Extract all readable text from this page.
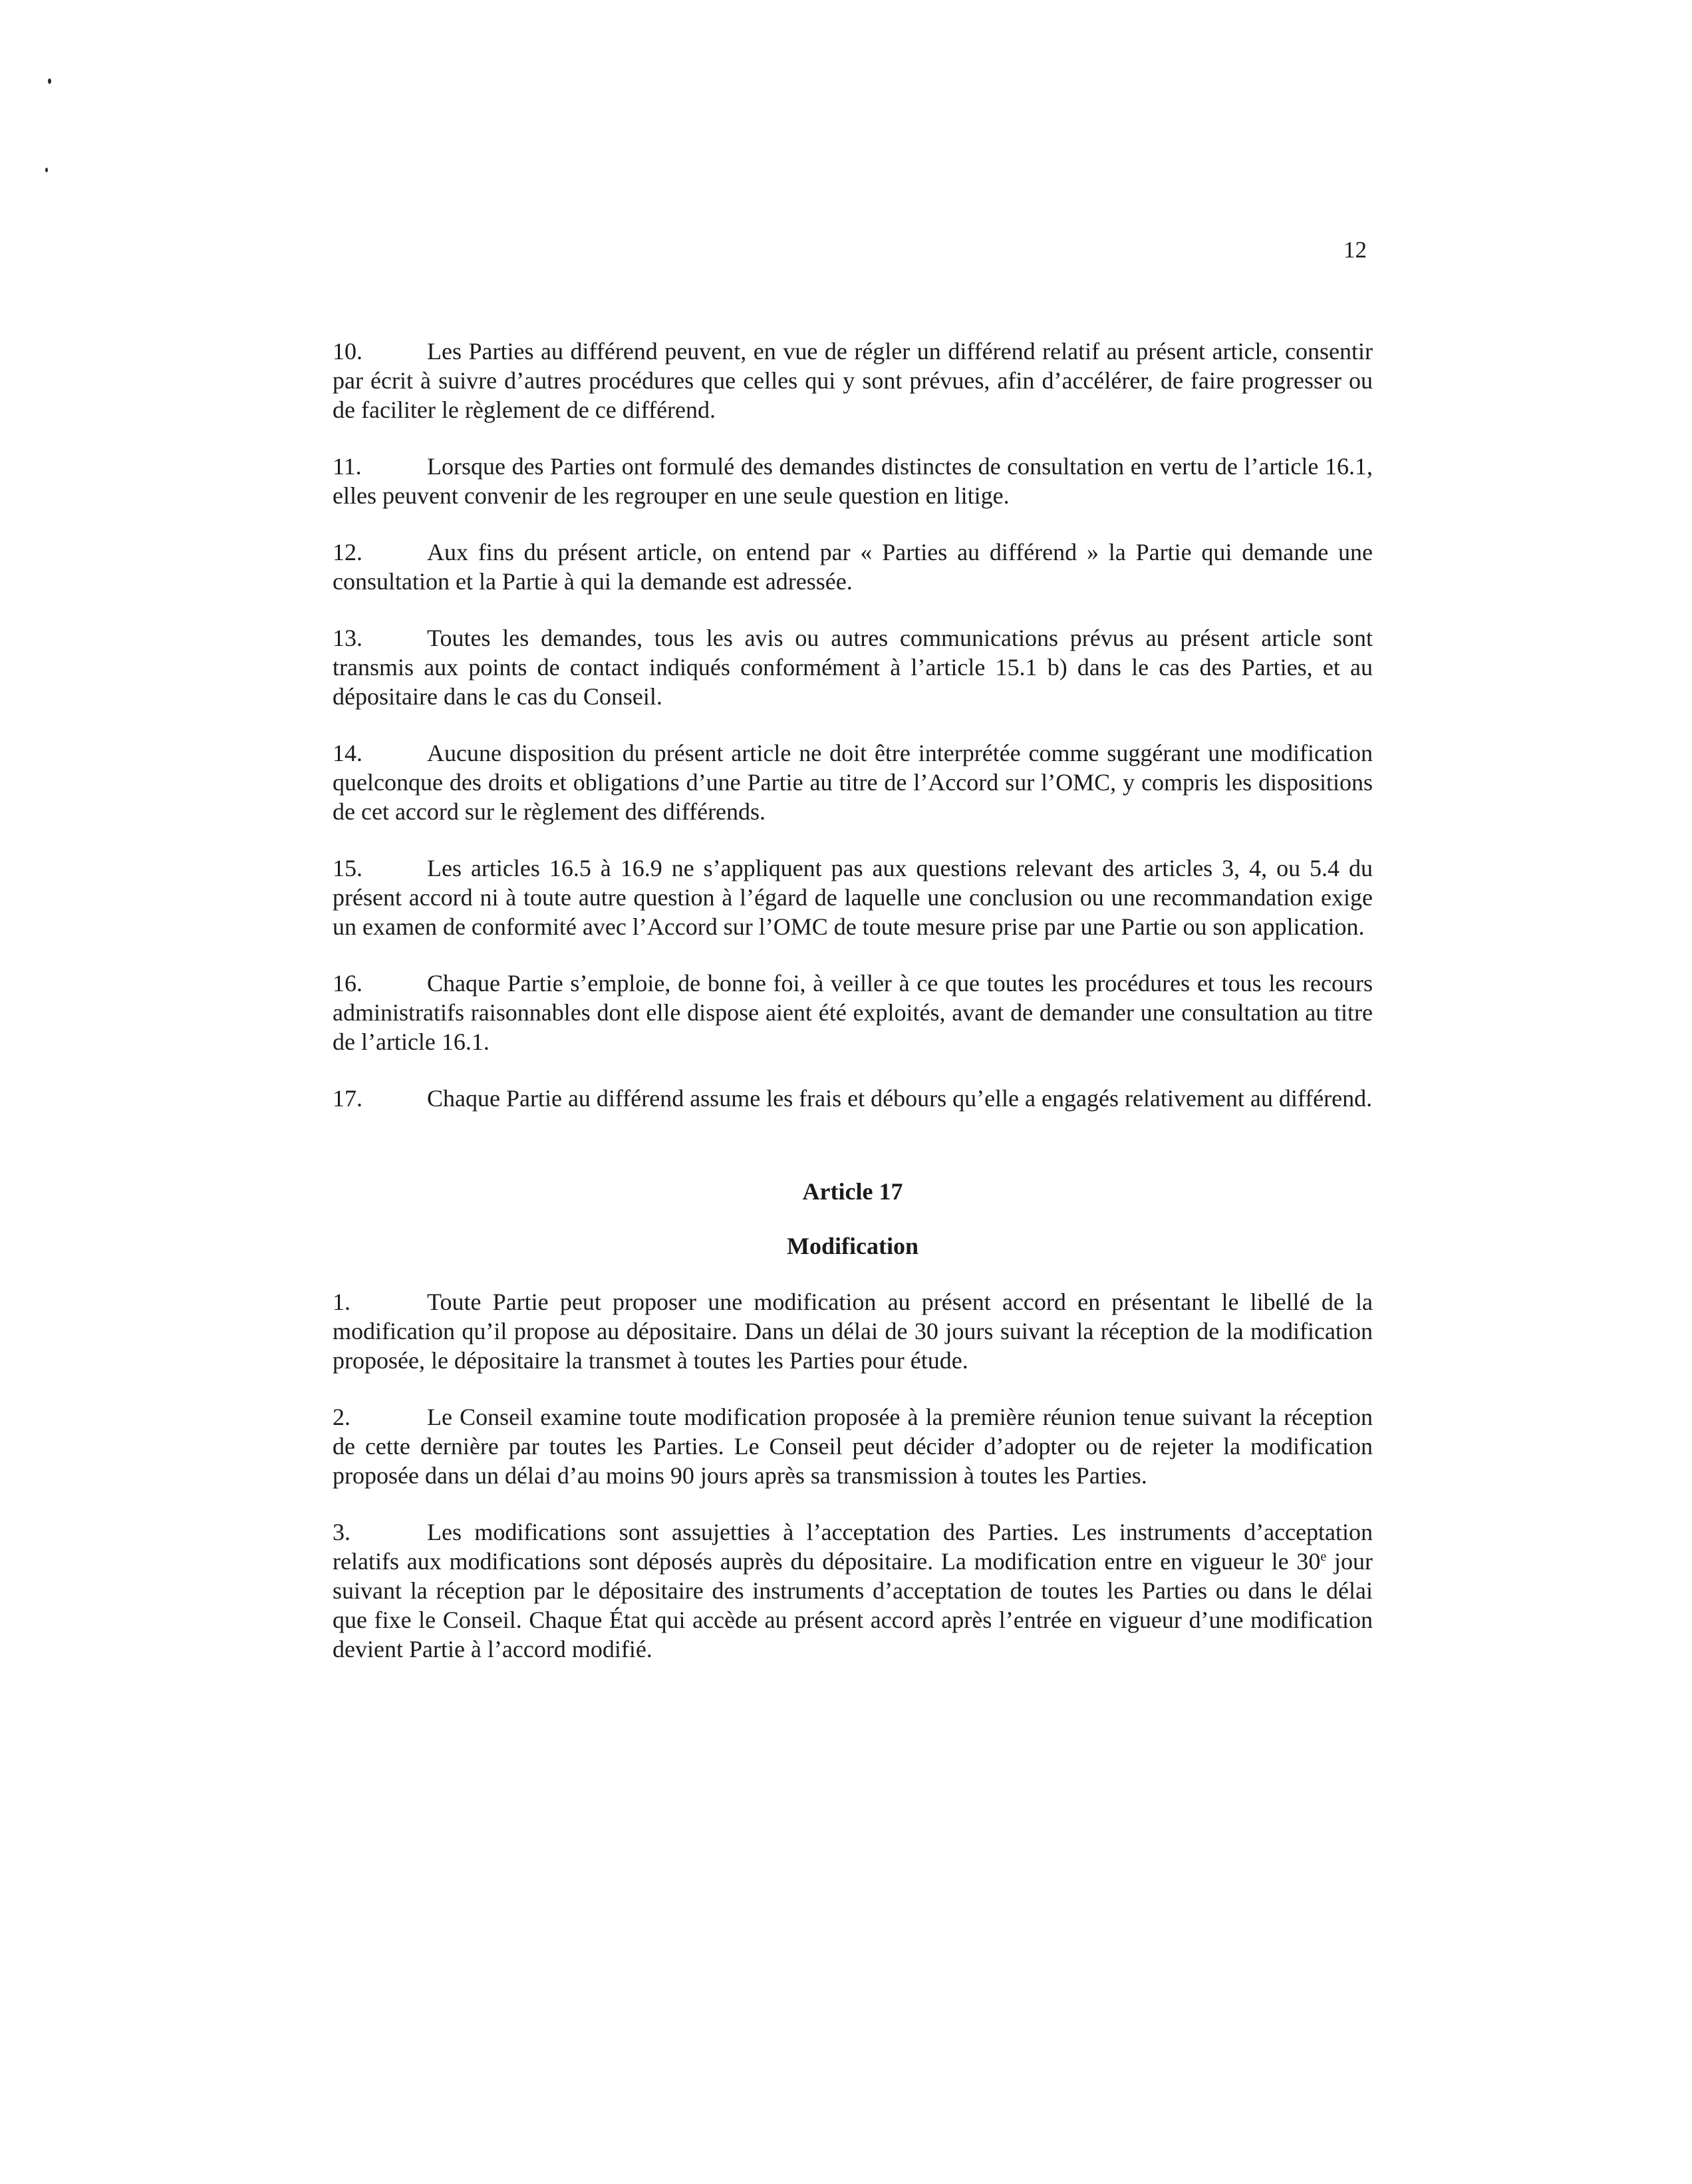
12

10.	Les Parties au différend peuvent, en vue de régler un différend relatif au présent article, consentir par écrit à suivre d’autres procédures que celles qui y sont prévues, afin d’accélérer, de faire progresser ou de faciliter le règlement de ce différend.

11.	Lorsque des Parties ont formulé des demandes distinctes de consultation en vertu de l’article 16.1, elles peuvent convenir de les regrouper en une seule question en litige.

12.	Aux fins du présent article, on entend par « Parties au différend » la Partie qui demande une consultation et la Partie à qui la demande est adressée.

13.	Toutes les demandes, tous les avis ou autres communications prévus au présent article sont transmis aux points de contact indiqués conformément à l’article 15.1 b) dans le cas des Parties, et au dépositaire dans le cas du Conseil.

14.	Aucune disposition du présent article ne doit être interprétée comme suggérant une modification quelconque des droits et obligations d’une Partie au titre de l’Accord sur l’OMC, y compris les dispositions de cet accord sur le règlement des différends.

15.	Les articles 16.5 à 16.9 ne s’appliquent pas aux questions relevant des articles 3, 4, ou 5.4 du présent accord ni à toute autre question à l’égard de laquelle une conclusion ou une recommandation exige un examen de conformité avec l’Accord sur l’OMC de toute mesure prise par une Partie ou son application.

16.	Chaque Partie s’emploie, de bonne foi, à veiller à ce que toutes les procédures et tous les recours administratifs raisonnables dont elle dispose aient été exploités, avant de demander une consultation au titre de l’article 16.1.

17.	Chaque Partie au différend assume les frais et débours qu’elle a engagés relativement au différend.

Article 17

Modification

1.	Toute Partie peut proposer une modification au présent accord en présentant le libellé de la modification qu’il propose au dépositaire. Dans un délai de 30 jours suivant la réception de la modification proposée, le dépositaire la transmet à toutes les Parties pour étude.

2.	Le Conseil examine toute modification proposée à la première réunion tenue suivant la réception de cette dernière par toutes les Parties. Le Conseil peut décider d’adopter ou de rejeter la modification proposée dans un délai d’au moins 90 jours après sa transmission à toutes les Parties.

3.	Les modifications sont assujetties à l’acceptation des Parties. Les instruments d’acceptation relatifs aux modifications sont déposés auprès du dépositaire. La modification entre en vigueur le 30e jour suivant la réception par le dépositaire des instruments d’acceptation de toutes les Parties ou dans le délai que fixe le Conseil. Chaque État qui accède au présent accord après l’entrée en vigueur d’une modification devient Partie à l’accord modifié.
